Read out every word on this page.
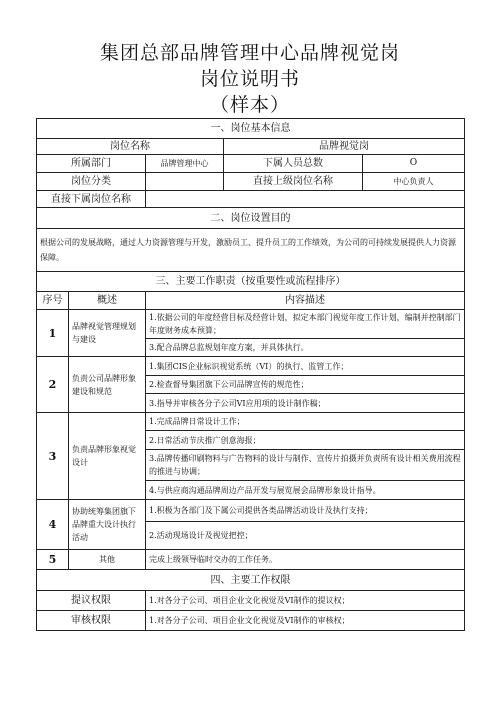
集团总部品牌管理中心品牌视觉岗
岗位说明书
（样本）
一、岗位基本信息				
岗位名称			品牌视觉岗	
所属部门		品牌管理中心	下属人员总数	O
岗位分类			直接上级岗位名称	中心负责人
直接下属岗位名称				
二、岗位设置目的				
根据公司的发展战略，通过人力资源管理与开发，激励员工、提升员工的工作绩效，为公司的可持续发展提供人力资源保障。				
三、主要工作职责（按重要性或流程排序）				
序号	概述	内容描述		
1	品牌视觉管理规划与建设	1.依据公司的年度经营目标及经营计划，拟定本部门视觉年度工作计划，编制并控制部门年度财务成本预算；		
		3.配合品牌总监规划年度方案，并具体执行。		
2	负责公司品牌形象建设和规范	1.集团CIS企业标识视觉系统（VI）的执行、监管工作；		
		2.检查督导集团旗下公司品牌宣传的规范性；		
		3.指导并审核各分子公司VI应用项的设计制作稿；		
3	负责品牌形象视觉设计	1.完成品牌日常设计工作；		
		2.日常活动节庆推广创意海报；		
		3.品牌传播印刷物料与广告物料的设计与制作、宣传片拍摄并负责所有设计相关费用流程的推进与协调；		
		4.与供应商沟通品牌周边产品开发与展览展会品牌形象设计指导。		
4	协助统筹集团旗下品牌重大设计执行活动	1.积极为各部门及下属公司提供各类品牌活动设计及执行支持；		
		2.活动现场设计及视觉把控；		
5	其他	完成上级领导临时交办的工作任务。		
四、主要工作权限				
提议权限		1.对各分子公司、项目企业文化视觉及VI制作的提议权；		
审核权限		1.对各分子公司、项目企业文化视觉及VI制作的审核权；		
